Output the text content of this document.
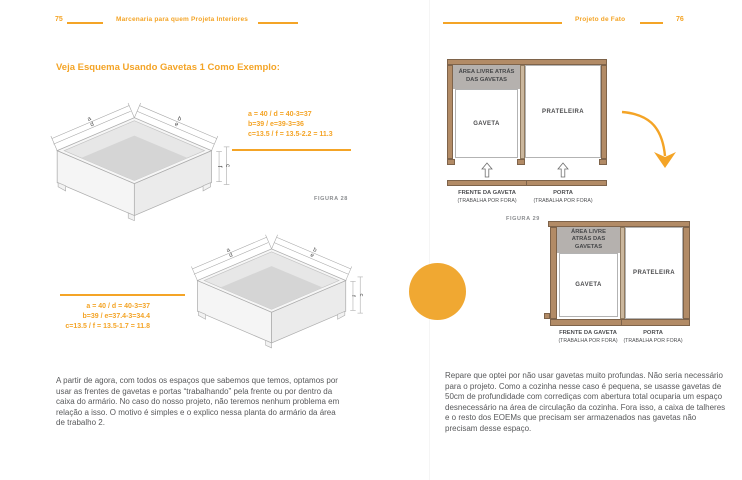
75	Marcenaria para quem Projeta Interiores	Projeto de Fato	76
Veja Esquema Usando Gavetas 1 Como Exemplo:
a
d
b
e
f c
a = 40 / d = 40-3=37
b=39 / e=39-3=36
c=13.5 / f = 13.5-2.2 = 11.3
FIGURA 28
a = 40 / d = 40-3=37
b=39 / e=37.4-3=34.4
c=13.5 / f = 13.5-1.7 = 11.8
a
d
b
e
f c
A partir de agora, com todos os espaços que sabemos que temos, optamos por usar as frentes de gavetas e portas “trabalhando” pela frente ou por dentro da caixa do armário. No caso do nosso projeto, não teremos nenhum problema em relação a isso. O motivo é simples e o explico nessa planta do armário da área de trabalho 2.
ÁREA LIVRE ATRÁS DAS GAVETAS
GAVETA
PRATELEIRA
FRENTE DA GAVETA
(TRABALHA POR FORA)
PORTA
(TRABALHA POR FORA)
FIGURA 29
ÁREA LIVRE ATRÁS DAS GAVETAS
GAVETA
PRATELEIRA
FRENTE DA GAVETA
(TRABALHA POR FORA)
PORTA
(TRABALHA POR FORA)
Repare que optei por não usar gavetas muito profundas. Não seria necessário para o projeto. Como a cozinha nesse caso é pequena, se usasse gavetas de 50cm de profundidade com corrediças com abertura total ocuparia um espaço desnecessário na área de circulação da cozinha. Fora isso, a caixa de talheres e o resto dos EOEMs que precisam ser armazenados nas gavetas não precisam desse espaço.
